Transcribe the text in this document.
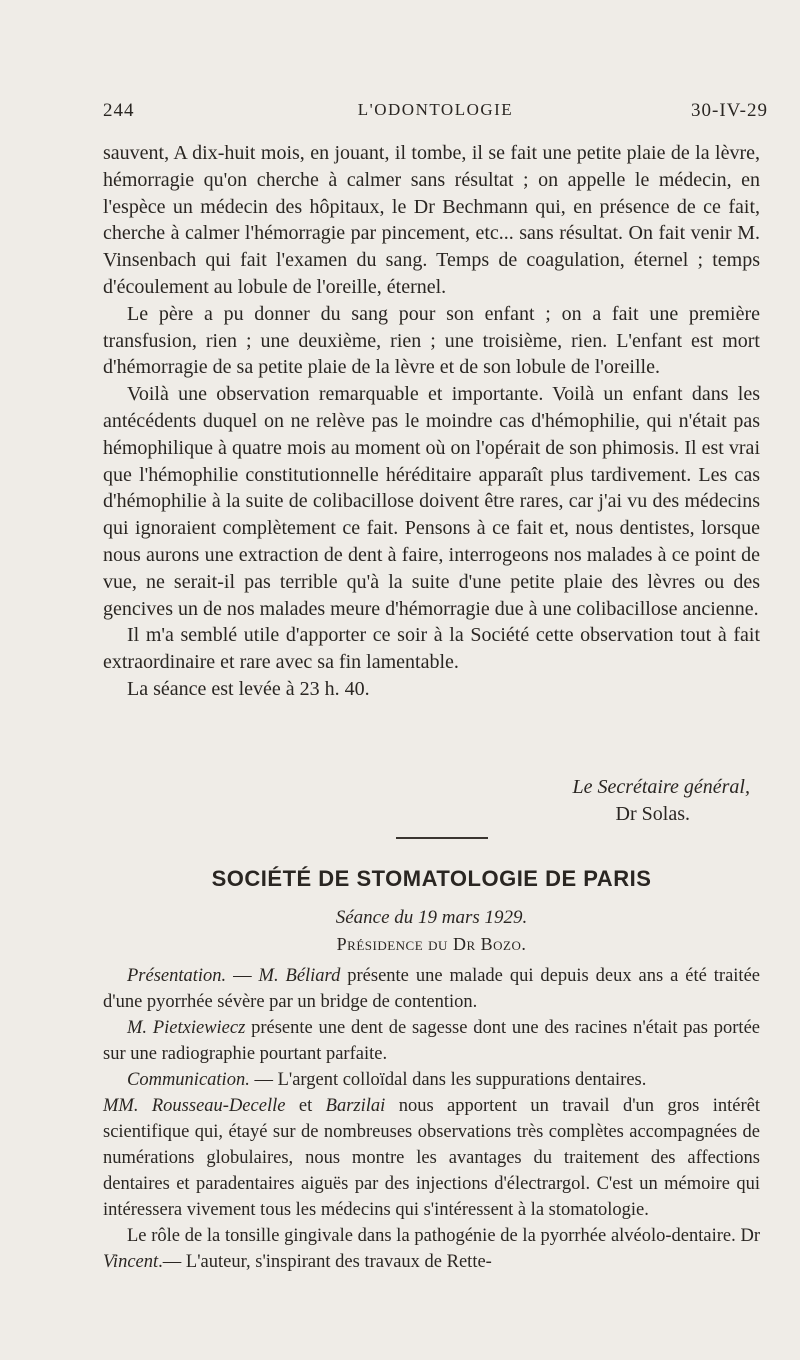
244	L'ODONTOLOGIE	30-IV-29

sauvent, A dix-huit mois, en jouant, il tombe, il se fait une petite plaie de la lèvre, hémorragie qu'on cherche à calmer sans résultat ; on appelle le médecin, en l'espèce un médecin des hôpitaux, le Dr Bechmann qui, en présence de ce fait, cherche à calmer l'hémorragie par pincement, etc... sans résultat. On fait venir M. Vinsenbach qui fait l'examen du sang. Temps de coagulation, éternel ; temps d'écoulement au lobule de l'oreille, éternel.

Le père a pu donner du sang pour son enfant ; on a fait une première transfusion, rien ; une deuxième, rien ; une troisième, rien. L'enfant est mort d'hémorragie de sa petite plaie de la lèvre et de son lobule de l'oreille.

Voilà une observation remarquable et importante. Voilà un enfant dans les antécédents duquel on ne relève pas le moindre cas d'hémophilie, qui n'était pas hémophilique à quatre mois au moment où on l'opérait de son phimosis. Il est vrai que l'hémophilie constitutionnelle héréditaire apparaît plus tardivement. Les cas d'hémophilie à la suite de colibacillose doivent être rares, car j'ai vu des médecins qui ignoraient complètement ce fait. Pensons à ce fait et, nous dentistes, lorsque nous aurons une extraction de dent à faire, interrogeons nos malades à ce point de vue, ne serait-il pas terrible qu'à la suite d'une petite plaie des lèvres ou des gencives un de nos malades meure d'hémorragie due à une colibacillose ancienne.

Il m'a semblé utile d'apporter ce soir à la Société cette observation tout à fait extraordinaire et rare avec sa fin lamentable.

La séance est levée à 23 h. 40.

Le Secrétaire général,
Dr Solas.
SOCIÉTÉ DE STOMATOLOGIE DE PARIS
Séance du 19 mars 1929.
Présidence du Dr Bozo.

Présentation. — M. Béliard présente une malade qui depuis deux ans a été traitée d'une pyorrhée sévère par un bridge de contention.

M. Pietxiewiecz présente une dent de sagesse dont une des racines n'était pas portée sur une radiographie pourtant parfaite.

Communication. — L'argent colloïdal dans les suppurations dentaires.

MM. Rousseau-Decelle et Barzilai nous apportent un travail d'un gros intérêt scientifique qui, étayé sur de nombreuses observations très complètes accompagnées de numérations globulaires, nous montre les avantages du traitement des affections dentaires et paradentaires aiguës par des injections d'électrargol. C'est un mémoire qui intéressera vivement tous les médecins qui s'intéressent à la stomatologie.

Le rôle de la tonsille gingivale dans la pathogénie de la pyorrhée alvéolo-dentaire. Dr Vincent.— L'auteur, s'inspirant des travaux de Rette-
